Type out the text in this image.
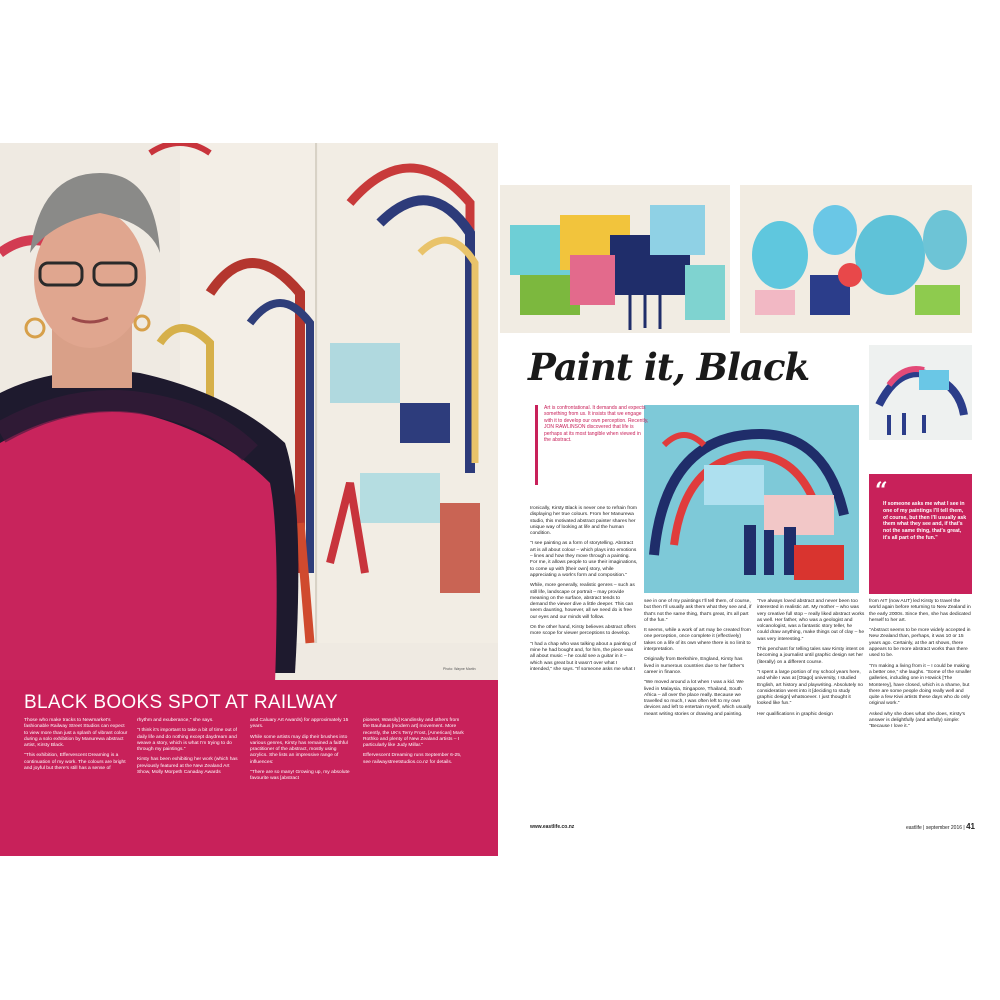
Photo: Wayne Martin
BLACK BOOKS SPOT AT RAILWAY

Those who make tracks to Newmarket's fashionable Railway Street Studios can expect to view more than just a splash of vibrant colour during a solo exhibition by Manurewa abstract artist, Kirsty Black.

"This exhibition, Effervescent Dreaming is a continuation of my work. The colours are bright and joyful but there's still has a sense of

rhythm and exuberance," she says.

"I think it's important to take a bit of time out of daily life and do nothing except daydream and weave a story, which is what I'm trying to do through my paintings."

Kirsty has been exhibiting her work (which has previously featured at the New Zealand Art Show, Molly Morpeth Canaday Awards

and Caluary Art Awards) for approximately 15 years.

While some artists may dip their brushes into various genres, Kirsty has remained a faithful practitioner of the abstract, mostly using acrylics. She lists an impressive range of influences:

"There are so many! Growing up, my absolute favourite was [abstract

pioneer, Wassily] Kandinsky and others from the Bauhaus [modern art] movement. More recently, the UK's Terry Frost, [American] Mark Rothko and plenty of New Zealand artists – I particularly like Judy Millar."

Effervescent Dreaming runs September 6-25, see railwaystreetstudios.co.nz for details.

Paint it, Black
Art is confrontational. It demands and expects something from us. It insists that we engage with it to develop our own perception. Recently, JON RAWLINSON discovered that life is perhaps at its most tangible when viewed in the abstract.

Ironically, Kirsty Black is never one to refrain from displaying her true colours. From her Manurewa studio, this motivated abstract painter shares her unique way of looking at life and the human condition.

"I see painting as a form of storytelling. Abstract art is all about colour – which plays into emotions – lines and how they move through a painting. For me, it allows people to use their imaginations, to come up with [their own] story, while appreciating a work's form and composition."

While, more generally, realistic genres – such as still life, landscape or portrait – may provide meaning on the surface, abstract tends to demand the viewer dive a little deeper. This can seem daunting, however, all we need do is free our eyes and our minds will follow.

On the other hand, Kirsty believes abstract offers more scope for viewer perceptions to develop.

"I had a chap who was talking about a painting of mine he had bought and, for him, the piece was all about music – he could see a guitar in it – which was great but it wasn't over what I intended," she says. "If someone asks me what I

see in one of my paintings I'll tell them, of course, but then I'll usually ask them what they see and, if that's not the same thing, that's great, it's all part of the fun."

It seems, while a work of art may be created from one perception, once complete it (effectively) takes on a life of its own where there is no limit to interpretation.

Originally from Berkshire, England, Kirsty has lived in numerous countries due to her father's career in finance.

"We moved around a lot when I was a kid. We lived in Malaysia, Singapore, Thailand, South Africa – all over the place really. Because we travelled so much, I was often left to my own devices and left to entertain myself, which usually meant writing stories or drawing and painting.

"I've always loved abstract and never been too interested in realistic art. My mother – who was very creative full stop – really liked abstract works as well. Her father, who was a geologist and volcanologist, was a fantastic story teller, he could draw anything, make things out of clay – he was very interesting."

This penchant for telling tales saw Kirsty intent on becoming a journalist until graphic design set her (literally) on a different course.

"I spent a large portion of my school years here, and while I was at [Otago] university, I studied English, art history and playwriting. Absolutely no consideration went into it [deciding to study graphic design] whatsoever. I just thought it looked like fun."

Her qualifications in graphic design

from AIT (now AUT) led Kirsty to travel the world again before returning to New Zealand in the early 2000s. Since then, she has dedicated herself to her art.

"Abstract seems to be more widely accepted in New Zealand than, perhaps, it was 10 or 15 years ago. Certainly, at the art shows, there appears to be more abstract works than there used to be.

"I'm making a living from it – I could be making a better one," she laughs. "Some of the smaller galleries, including one in Howick [The Monterey], have closed, which is a shame, but there are some people doing really well and quite a few Kiwi artists these days who do only original work."

Asked why she does what she does, Kirsty's answer is delightfully (and artfully) simple: "Because I love it."

“
If someone asks me what I see in one of my paintings I'll tell them, of course, but then I'll usually ask them what they see and, if that's not the same thing, that's great, it's all part of the fun."
www.eastlife.co.nz	eastlife | september 2016 | 41
